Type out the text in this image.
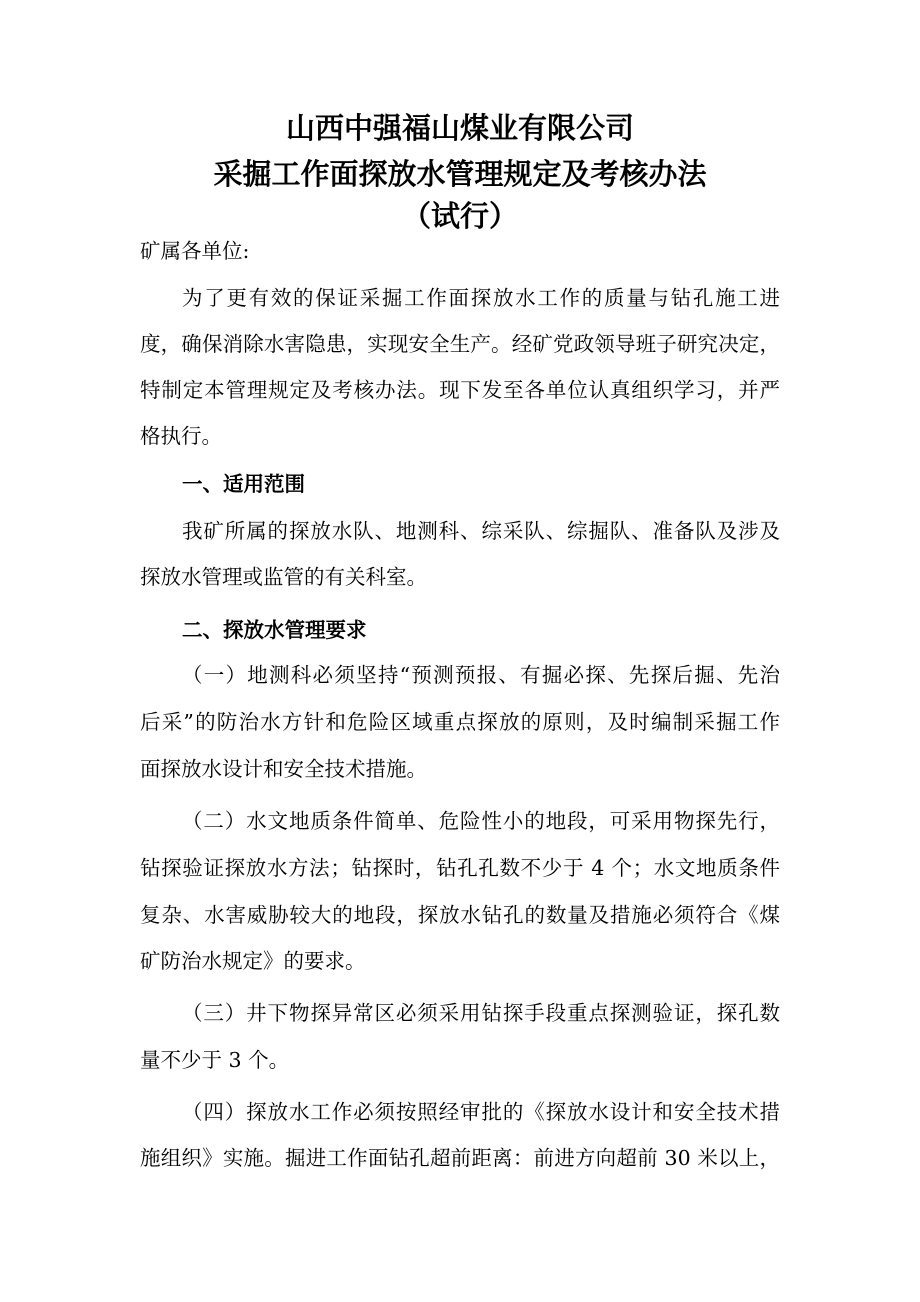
山西中强福山煤业有限公司
采掘工作面探放水管理规定及考核办法
（试行）
矿属各单位:
为了更有效的保证采掘工作面探放水工作的质量与钻孔施工进
度，确保消除水害隐患，实现安全生产。经矿党政领导班子研究决定，
特制定本管理规定及考核办法。现下发至各单位认真组织学习，并严
格执行。
一、适用范围
我矿所属的探放水队、地测科、综采队、综掘队、准备队及涉及
探放水管理或监管的有关科室。
二、探放水管理要求
（一）地测科必须坚持“预测预报、有掘必探、先探后掘、先治
后采”的防治水方针和危险区域重点探放的原则，及时编制采掘工作
面探放水设计和安全技术措施。
（二）水文地质条件简单、危险性小的地段，可采用物探先行，
钻探验证探放水方法；钻探时，钻孔孔数不少于 4 个；水文地质条件
复杂、水害威胁较大的地段，探放水钻孔的数量及措施必须符合《煤
矿防治水规定》的要求。
（三）井下物探异常区必须采用钻探手段重点探测验证，探孔数
量不少于 3 个。
（四）探放水工作必须按照经审批的《探放水设计和安全技术措
施组织》实施。掘进工作面钻孔超前距离：前进方向超前 30 米以上，
